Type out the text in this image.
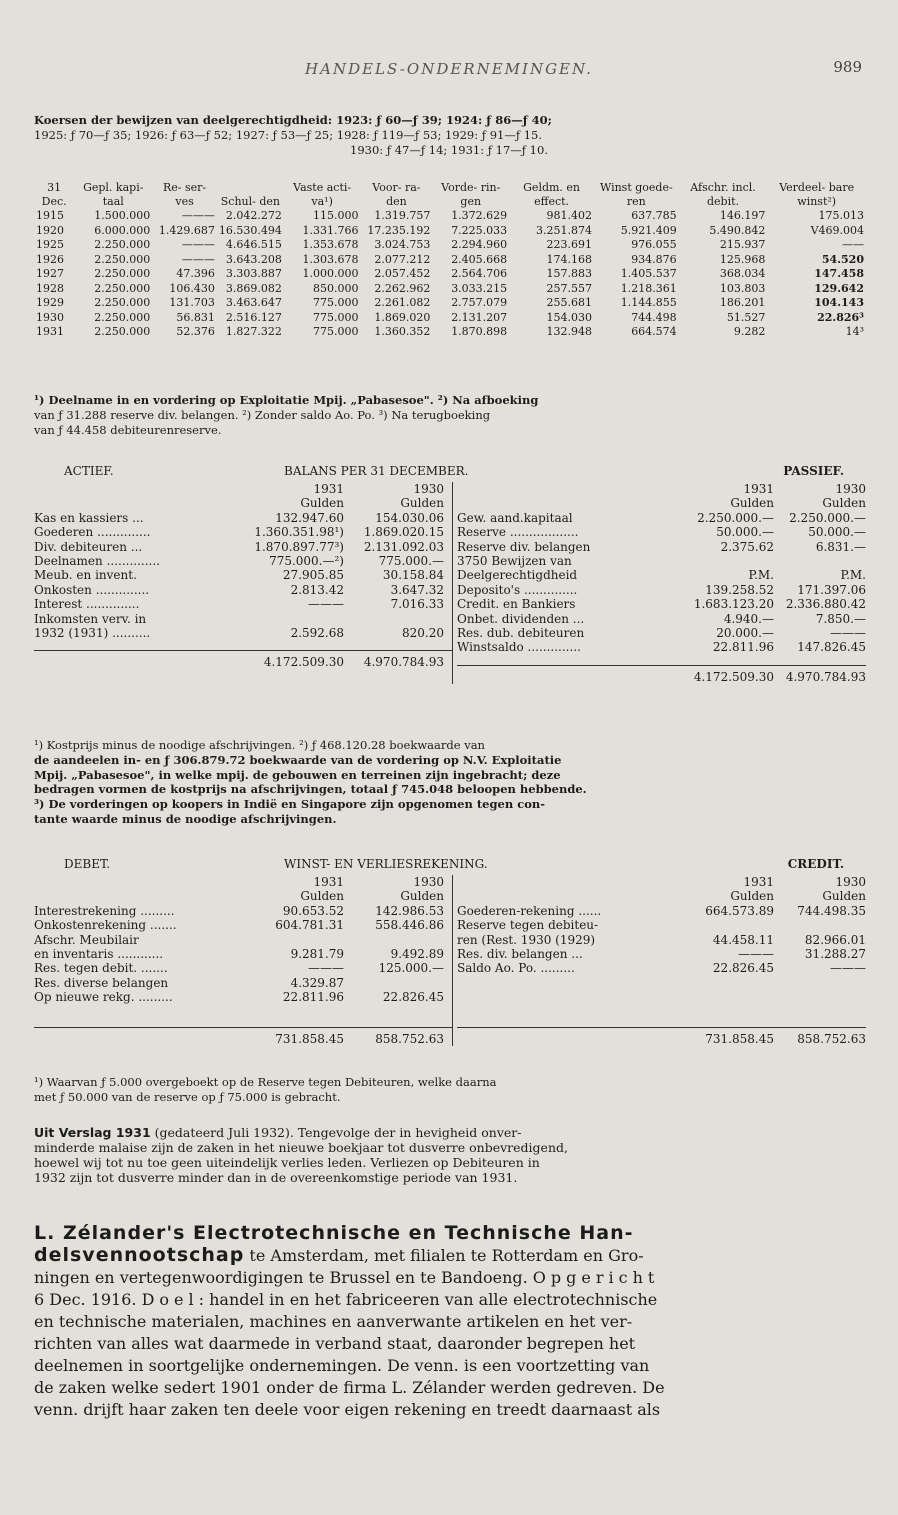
HANDELS-ONDERNEMINGEN.	989
Koersen der bewijzen van deelgerechtigdheid: 1923: ƒ 60—ƒ 39; 1924: ƒ 86—ƒ 40;
1925: ƒ 70—ƒ 35; 1926: ƒ 63—ƒ 52; 1927: ƒ 53—ƒ 25; 1928: ƒ 119—ƒ 53; 1929: ƒ 91—ƒ 15.
1930: ƒ 47—ƒ 14; 1931: ƒ 17—ƒ 10.
31 Dec.	Gepl. kapi- taal	Re- ser- ves	Schul- den	Vaste acti- va¹)	Voor- ra- den	Vorde- rin- gen	Geldm. en effect.	Winst goede- ren	Afschr. incl. debit.	Verdeel- bare winst²)
1915	1.500.000	———	2.042.272	115.000	1.319.757	1.372.629	981.402	637.785	146.197	175.013
1920	6.000.000	1.429.687	16.530.494	1.331.766	17.235.192	7.225.033	3.251.874	5.921.409	5.490.842	V469.004
1925	2.250.000	———	4.646.515	1.353.678	3.024.753	2.294.960	223.691	976.055	215.937	——
1926	2.250.000	———	3.643.208	1.303.678	2.077.212	2.405.668	174.168	934.876	125.968	54.520
1927	2.250.000	47.396	3.303.887	1.000.000	2.057.452	2.564.706	157.883	1.405.537	368.034	147.458
1928	2.250.000	106.430	3.869.082	850.000	2.262.962	3.033.215	257.557	1.218.361	103.803	129.642
1929	2.250.000	131.703	3.463.647	775.000	2.261.082	2.757.079	255.681	1.144.855	186.201	104.143
1930	2.250.000	56.831	2.516.127	775.000	1.869.020	2.131.207	154.030	744.498	51.527	22.826³
1931	2.250.000	52.376	1.827.322	775.000	1.360.352	1.870.898	132.948	664.574	9.282	14³
¹) Deelname in en vordering op Exploitatie Mpij. „Pabasesoe". ²) Na afboeking
van ƒ 31.288 reserve div. belangen. ²) Zonder saldo Ao. Po. ³) Na terugboeking
van ƒ 44.458 debiteurenreserve.
ACTIEF.	BALANS PER 31 DECEMBER.	PASSIEF.
1931	1930
Gulden	Gulden
Kas en kassiers ...	132.947.60	154.030.06
Goederen ..............	1.360.351.98¹)	1.869.020.15
Div. debiteuren ...	1.870.897.77³)	2.131.092.03
Deelnamen ..............	775.000.—²)	775.000.—
Meub. en invent.	27.905.85	30.158.84
Onkosten ..............	2.813.42	3.647.32
Interest ..............	———	7.016.33
Inkomsten verv. in
1932 (1931) ..........	2.592.68	820.20
4.172.509.30	4.970.784.93
1931	1930
Gulden	Gulden
Gew. aand.kapitaal	2.250.000.—	2.250.000.—
Reserve ..................	50.000.—	50.000.—
Reserve div. belangen	2.375.62	6.831.—
3750 Bewijzen van
Deelgerechtigdheid	P.M.	P.M.
Deposito's ..............	139.258.52	171.397.06
Credit. en Bankiers	1.683.123.20 2.336.880.42
Onbet. dividenden ...	4.940.—	7.850.—
Res. dub. debiteuren	20.000.—	———
Winstsaldo ..............	22.811.96	147.826.45
4.172.509.30 4.970.784.93
¹) Kostprijs minus de noodige afschrijvingen. ²) ƒ 468.120.28 boekwaarde van
de aandeelen in- en ƒ 306.879.72 boekwaarde van de vordering op N.V. Exploitatie
Mpij. „Pabasesoe", in welke mpij. de gebouwen en terreinen zijn ingebracht; deze
bedragen vormen de kostprijs na afschrijvingen, totaal ƒ 745.048 beloopen hebbende.
³) De vorderingen op koopers in Indië en Singapore zijn opgenomen tegen con-
tante waarde minus de noodige afschrijvingen.
DEBET.	WINST- EN VERLIESREKENING.	CREDIT.
1931	1930
Gulden	Gulden
Interestrekening .........	90.653.52	142.986.53
Onkostenrekening .......	604.781.31	558.446.86
Afschr. Meubilair
en inventaris ............	9.281.79	9.492.89
Res. tegen debit. .......	———	125.000.—
Res. diverse belangen	4.329.87
Op nieuwe rekg. .........	22.811.96	22.826.45
731.858.45	858.752.63
1931	1930
Gulden	Gulden
Goederen-rekening ......	664.573.89	744.498.35
Reserve tegen debiteu-
ren (Rest. 1930 (1929)	44.458.11	82.966.01
Res. div. belangen ...	———	31.288.27
Saldo Ao. Po. .........	22.826.45	———
731.858.45	858.752.63
¹) Waarvan ƒ 5.000 overgeboekt op de Reserve tegen Debiteuren, welke daarna
met ƒ 50.000 van de reserve op ƒ 75.000 is gebracht.
Uit Verslag 1931 (gedateerd Juli 1932). Tengevolge der in hevigheid onver-
minderde malaise zijn de zaken in het nieuwe boekjaar tot dusverre onbevredigend,
hoewel wij tot nu toe geen uiteindelijk verlies leden. Verliezen op Debiteuren in
1932 zijn tot dusverre minder dan in de overeenkomstige periode van 1931.
L. Zélander's Electrotechnische en Technische Han-
delsvennootschap te Amsterdam, met filialen te Rotterdam en Gro-
ningen en vertegenwoordigingen te Brussel en te Bandoeng. Opgericht
6 Dec. 1916. Doel: handel in en het fabriceeren van alle electrotechnische
en technische materialen, machines en aanverwante artikelen en het ver-
richten van alles wat daarmede in verband staat, daaronder begrepen het
deelnemen in soortgelijke ondernemingen. De venn. is een voortzetting van
de zaken welke sedert 1901 onder de firma L. Zélander werden gedreven. De
venn. drijft haar zaken ten deele voor eigen rekening en treedt daarnaast als
